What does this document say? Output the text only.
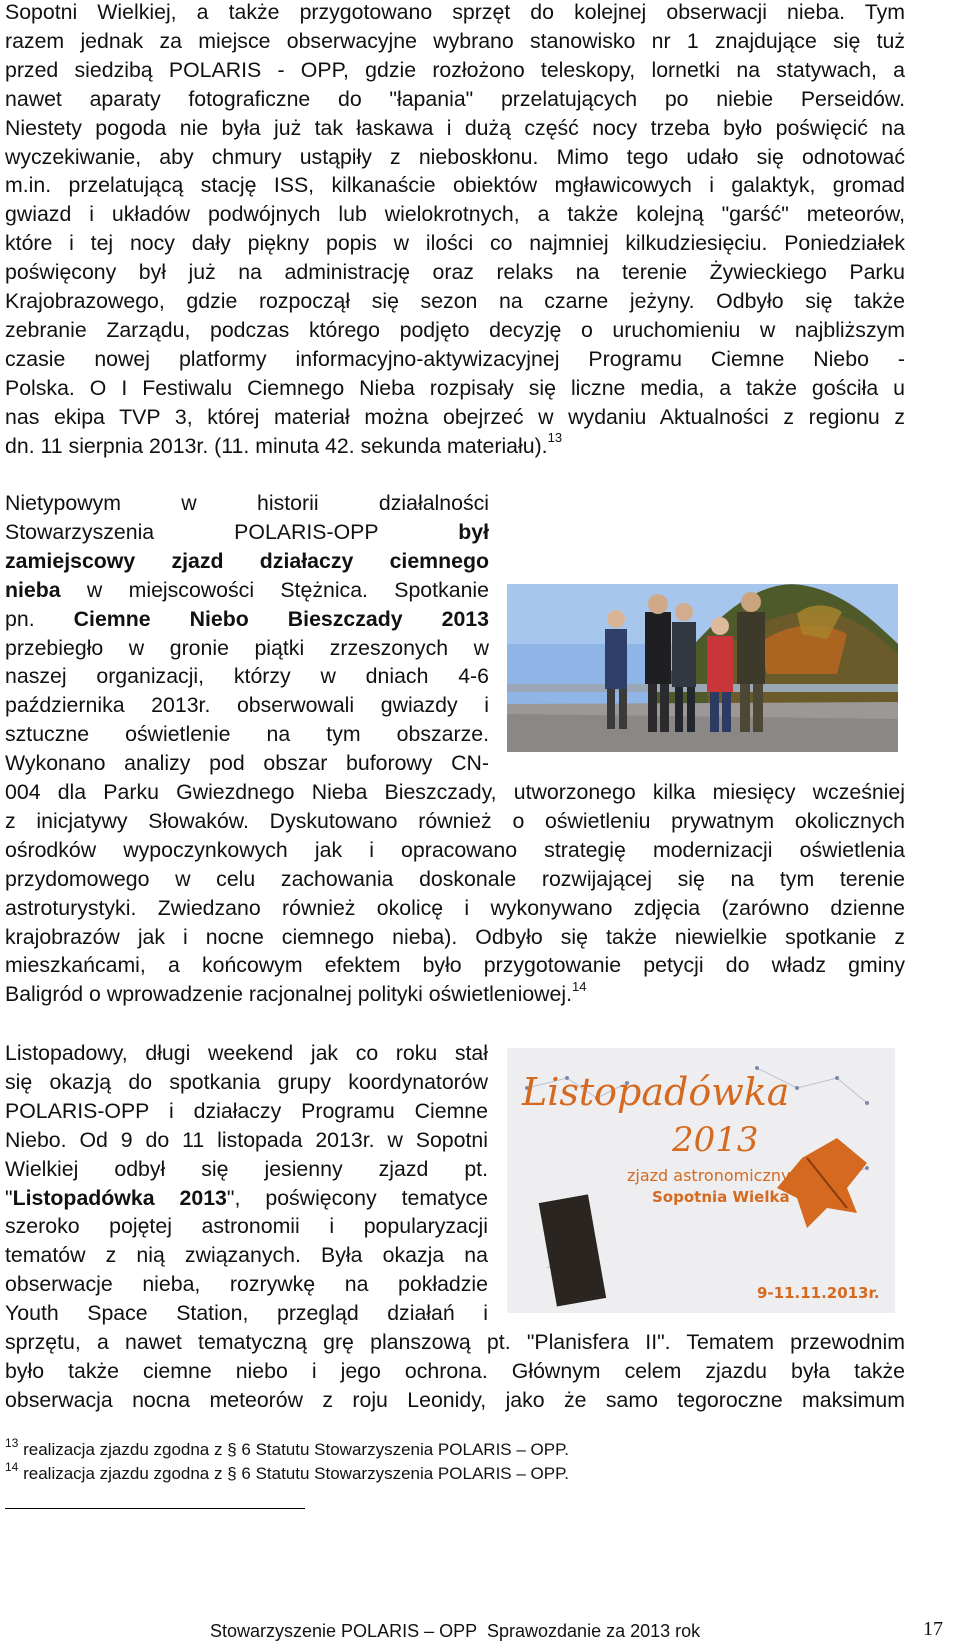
Sopotni Wielkiej, a także przygotowano sprzęt do kolejnej obserwacji nieba. Tym
razem jednak za miejsce obserwacyjne wybrano stanowisko nr 1 znajdujące się tuż
przed siedzibą POLARIS - OPP, gdzie rozłożono teleskopy, lornetki na statywach, a
nawet aparaty fotograficzne do "łapania" przelatujących po niebie Perseidów.
Niestety pogoda nie była już tak łaskawa i dużą część nocy trzeba było poświęcić na
wyczekiwanie, aby chmury ustąpiły z nieboskłonu. Mimo tego udało się odnotować
m.in. przelatującą stację ISS, kilkanaście obiektów mgławicowych i galaktyk, gromad
gwiazd i układów podwójnych lub wielokrotnych, a także kolejną "garść" meteorów,
które i tej nocy dały piękny popis w ilości co najmniej kilkudziesięciu. Poniedziałek
poświęcony był już na administrację oraz relaks na terenie Żywieckiego Parku
Krajobrazowego, gdzie rozpoczął się sezon na czarne jeżyny. Odbyło się także
zebranie Zarządu, podczas którego podjęto decyzję o uruchomieniu w najbliższym
czasie nowej platformy informacyjno-aktywizacyjnej Programu Ciemne Niebo -
Polska. O I Festiwalu Ciemnego Nieba rozpisały się liczne media, a także gościła u
nas ekipa TVP 3, której materiał można obejrzeć w wydaniu Aktualności z regionu z
dn. 11 sierpnia 2013r. (11. minuta 42. sekunda materiału).$^{13}$
Nietypowym w historii działalności
Stowarzyszenia POLARIS-OPP był
zamiejscowy zjazd działaczy ciemnego
nieba w miejscowości Stężnica. Spotkanie
pn. Ciemne Niebo Bieszczady 2013
przebiegło w gronie piątki zrzeszonych w
naszej organizacji, którzy w dniach 4-6
października 2013r. obserwowali gwiazdy i
sztuczne oświetlenie na tym obszarze.
Wykonano analizy pod obszar buforowy CN-
004 dla Parku Gwiezdnego Nieba Bieszczady, utworzonego kilka miesięcy wcześniej
z inicjatywy Słowaków. Dyskutowano również o oświetleniu prywatnym okolicznych
ośrodków wypoczynkowych jak i opracowano strategię modernizacji oświetlenia
przydomowego w celu zachowania doskonale rozwijającej się na tym terenie
astroturystyki. Zwiedzano również okolicę i wykonywano zdjęcia (zarówno dzienne
krajobrazów jak i nocne ciemnego nieba). Odbyło się także niewielkie spotkanie z
mieszkańcami, a końcowym efektem było przygotowanie petycji do władz gminy
Baligród o wprowadzenie racjonalnej polityki oświetleniowej.$^{14}$
Listopadowy, długi weekend jak co roku stał
się okazją do spotkania grupy koordynatorów
POLARIS-OPP i działaczy Programu Ciemne
Niebo. Od 9 do 11 listopada 2013r. w Sopotni
Wielkiej odbył się jesienny zjazd pt.
"Listopadówka 2013", poświęcony tematyce
szeroko pojętej astronomii i popularyzacji
tematów z nią związanych. Była okazja na
obserwacje nieba, rozrywkę na pokładzie
Youth Space Station, przegląd działań i
sprzętu, a nawet tematyczną grę planszową pt. "Planisfera II". Tematem przewodnim
było także ciemne niebo i jego ochrona. Głównym celem zjazdu była także
obserwacja nocna meteorów z roju Leonidy, jako że samo tegoroczne maksimum
Listopadówka
2013
zjazd astronomiczny
Sopotnia Wielka
9-11.11.2013r.
$^{13}$ realizacja zjazdu zgodna z § 6 Statutu Stowarzyszenia POLARIS – OPP.
$^{14}$ realizacja zjazdu zgodna z § 6 Statutu Stowarzyszenia POLARIS – OPP.
Stowarzyszenie POLARIS – OPP Sprawozdanie za 2013 rok	17
